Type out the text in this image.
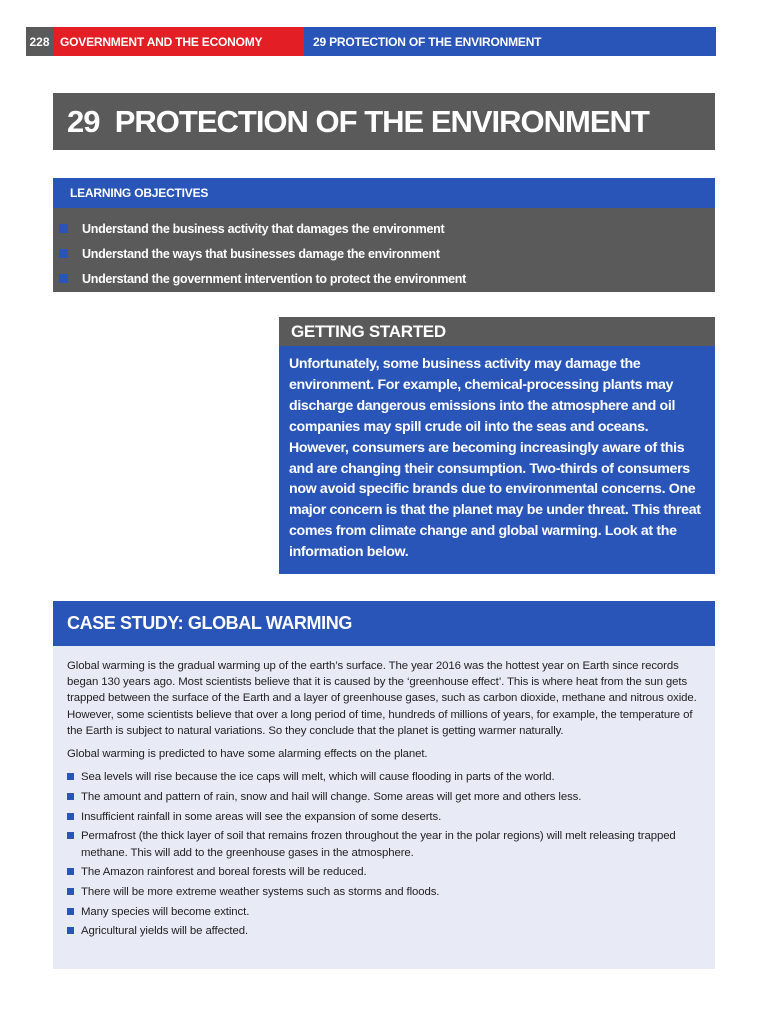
228 GOVERNMENT AND THE ECONOMY	29 PROTECTION OF THE ENVIRONMENT
29  PROTECTION OF THE ENVIRONMENT
LEARNING OBJECTIVES
Understand the business activity that damages the environment
Understand the ways that businesses damage the environment
Understand the government intervention to protect the environment
GETTING STARTED

Unfortunately, some business activity may damage the environment. For example, chemical-processing plants may discharge dangerous emissions into the atmosphere and oil companies may spill crude oil into the seas and oceans. However, consumers are becoming increasingly aware of this and are changing their consumption. Two-thirds of consumers now avoid specific brands due to environmental concerns. One major concern is that the planet may be under threat. This threat comes from climate change and global warming. Look at the information below.

CASE STUDY: GLOBAL WARMING

Global warming is the gradual warming up of the earth’s surface. The year 2016 was the hottest year on Earth since records began 130 years ago. Most scientists believe that it is caused by the ‘greenhouse effect’. This is where heat from the sun gets trapped between the surface of the Earth and a layer of greenhouse gases, such as carbon dioxide, methane and nitrous oxide. However, some scientists believe that over a long period of time, hundreds of millions of years, for example, the temperature of the Earth is subject to natural variations. So they conclude that the planet is getting warmer naturally.

Global warming is predicted to have some alarming effects on the planet.

Sea levels will rise because the ice caps will melt, which will cause flooding in parts of the world.
The amount and pattern of rain, snow and hail will change. Some areas will get more and others less.
Insufficient rainfall in some areas will see the expansion of some deserts.
Permafrost (the thick layer of soil that remains frozen throughout the year in the polar regions) will melt releasing trapped methane. This will add to the greenhouse gases in the atmosphere.
The Amazon rainforest and boreal forests will be reduced.
There will be more extreme weather systems such as storms and floods.
Many species will become extinct.
Agricultural yields will be affected.
